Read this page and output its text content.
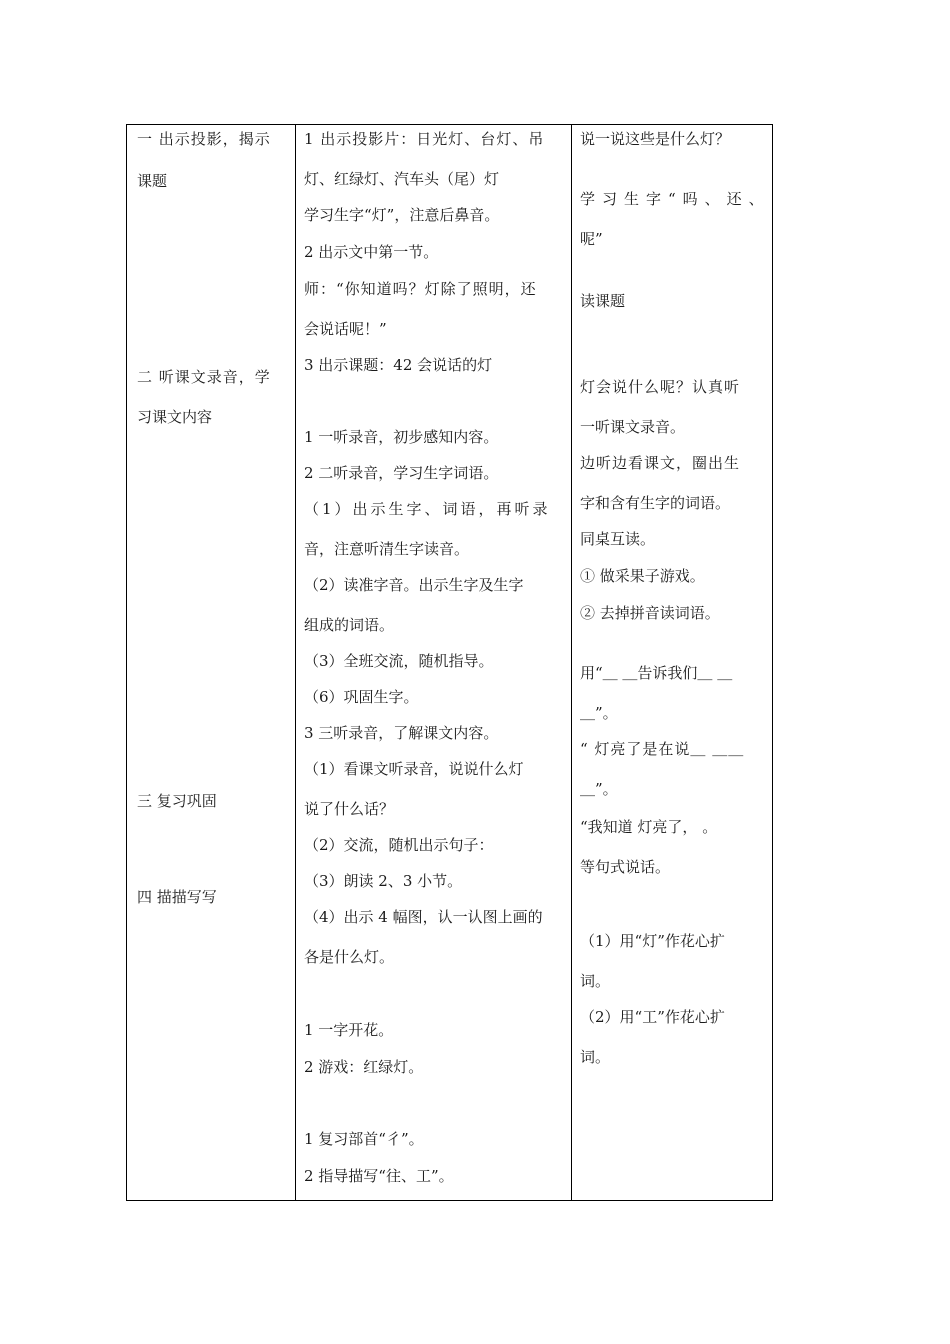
一 出示投影，揭示
课题
二 听课文录音，学
习课文内容
三 复习巩固
四 描描写写
1 出示投影片：日光灯、台灯、吊
灯、红绿灯、汽车头（尾）灯
学习生字“灯”，注意后鼻音。
2 出示文中第一节。
师：“你知道吗？灯除了照明，还
会说话呢！”
3 出示课题：42 会说话的灯
1 一听录音，初步感知内容。
2 二听录音，学习生字词语。
（1）出示生字、词语，再听录
音，注意听清生字读音。
（2）读准字音。出示生字及生字
组成的词语。
（3）全班交流，随机指导。
（6）巩固生字。
3 三听录音，了解课文内容。
（1）看课文听录音，说说什么灯
说了什么话？
（2）交流，随机出示句子：
（3）朗读 2、3 小节。
（4）出示 4 幅图，认一认图上画的
各是什么灯。
1 一字开花。
2 游戏：红绿灯。
1 复习部首“彳”。
2 指导描写“往、工”。
说一说这些是什么灯？
学习生字“吗、还、
呢”
读课题
灯会说什么呢？认真听
一听课文录音。
边听边看课文，圈出生
字和含有生字的词语。
同桌互读。
① 做采果子游戏。
② 去掉拼音读词语。
用“＿ ＿告诉我们＿ ＿
＿”。
“ 灯亮了是在说＿ ＿＿
＿”。
“我知道 灯亮了， 。
等句式说话。
（1）用“灯”作花心扩
词。
（2）用“工”作花心扩
词。
